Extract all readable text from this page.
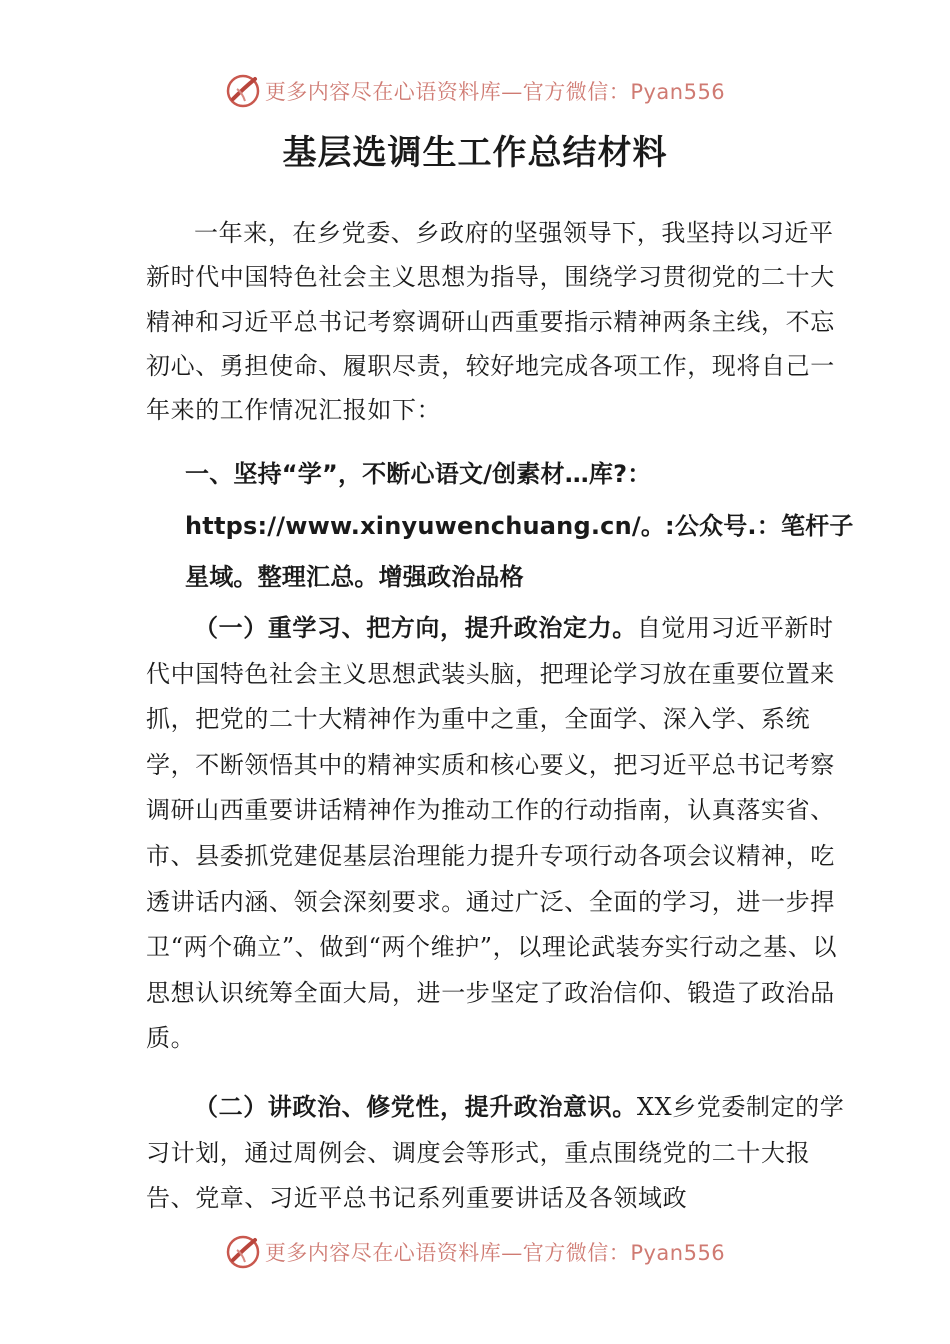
更多内容尽在心语资料库—官方微信：Pyan556
基层选调生工作总结材料

一年来，在乡党委、乡政府的坚强领导下，我坚持以习近平新时代中国特色社会主义思想为指导，围绕学习贯彻党的二十大精神和习近平总书记考察调研山西重要指示精神两条主线，不忘初心、勇担使命、履职尽责，较好地完成各项工作，现将自己一年来的工作情况汇报如下：

一、坚持“学”，不断心语文/创素材…库?：https://www.xinyuwenchuang.cn/。:公众号.：笔杆子星域。整理汇总。增强政治品格

（一）重学习、把方向，提升政治定力。自觉用习近平新时代中国特色社会主义思想武装头脑，把理论学习放在重要位置来抓，把党的二十大精神作为重中之重，全面学、深入学、系统学，不断领悟其中的精神实质和核心要义，把习近平总书记考察调研山西重要讲话精神作为推动工作的行动指南，认真落实省、市、县委抓党建促基层治理能力提升专项行动各项会议精神，吃透讲话内涵、领会深刻要求。通过广泛、全面的学习，进一步捍卫“两个确立”、做到“两个维护”，以理论武装夯实行动之基、以思想认识统筹全面大局，进一步坚定了政治信仰、锻造了政治品质。

（二）讲政治、修党性，提升政治意识。XX乡党委制定的学习计划，通过周例会、调度会等形式，重点围绕党的二十大报告、党章、习近平总书记系列重要讲话及各领域政

更多内容尽在心语资料库—官方微信：Pyan556
